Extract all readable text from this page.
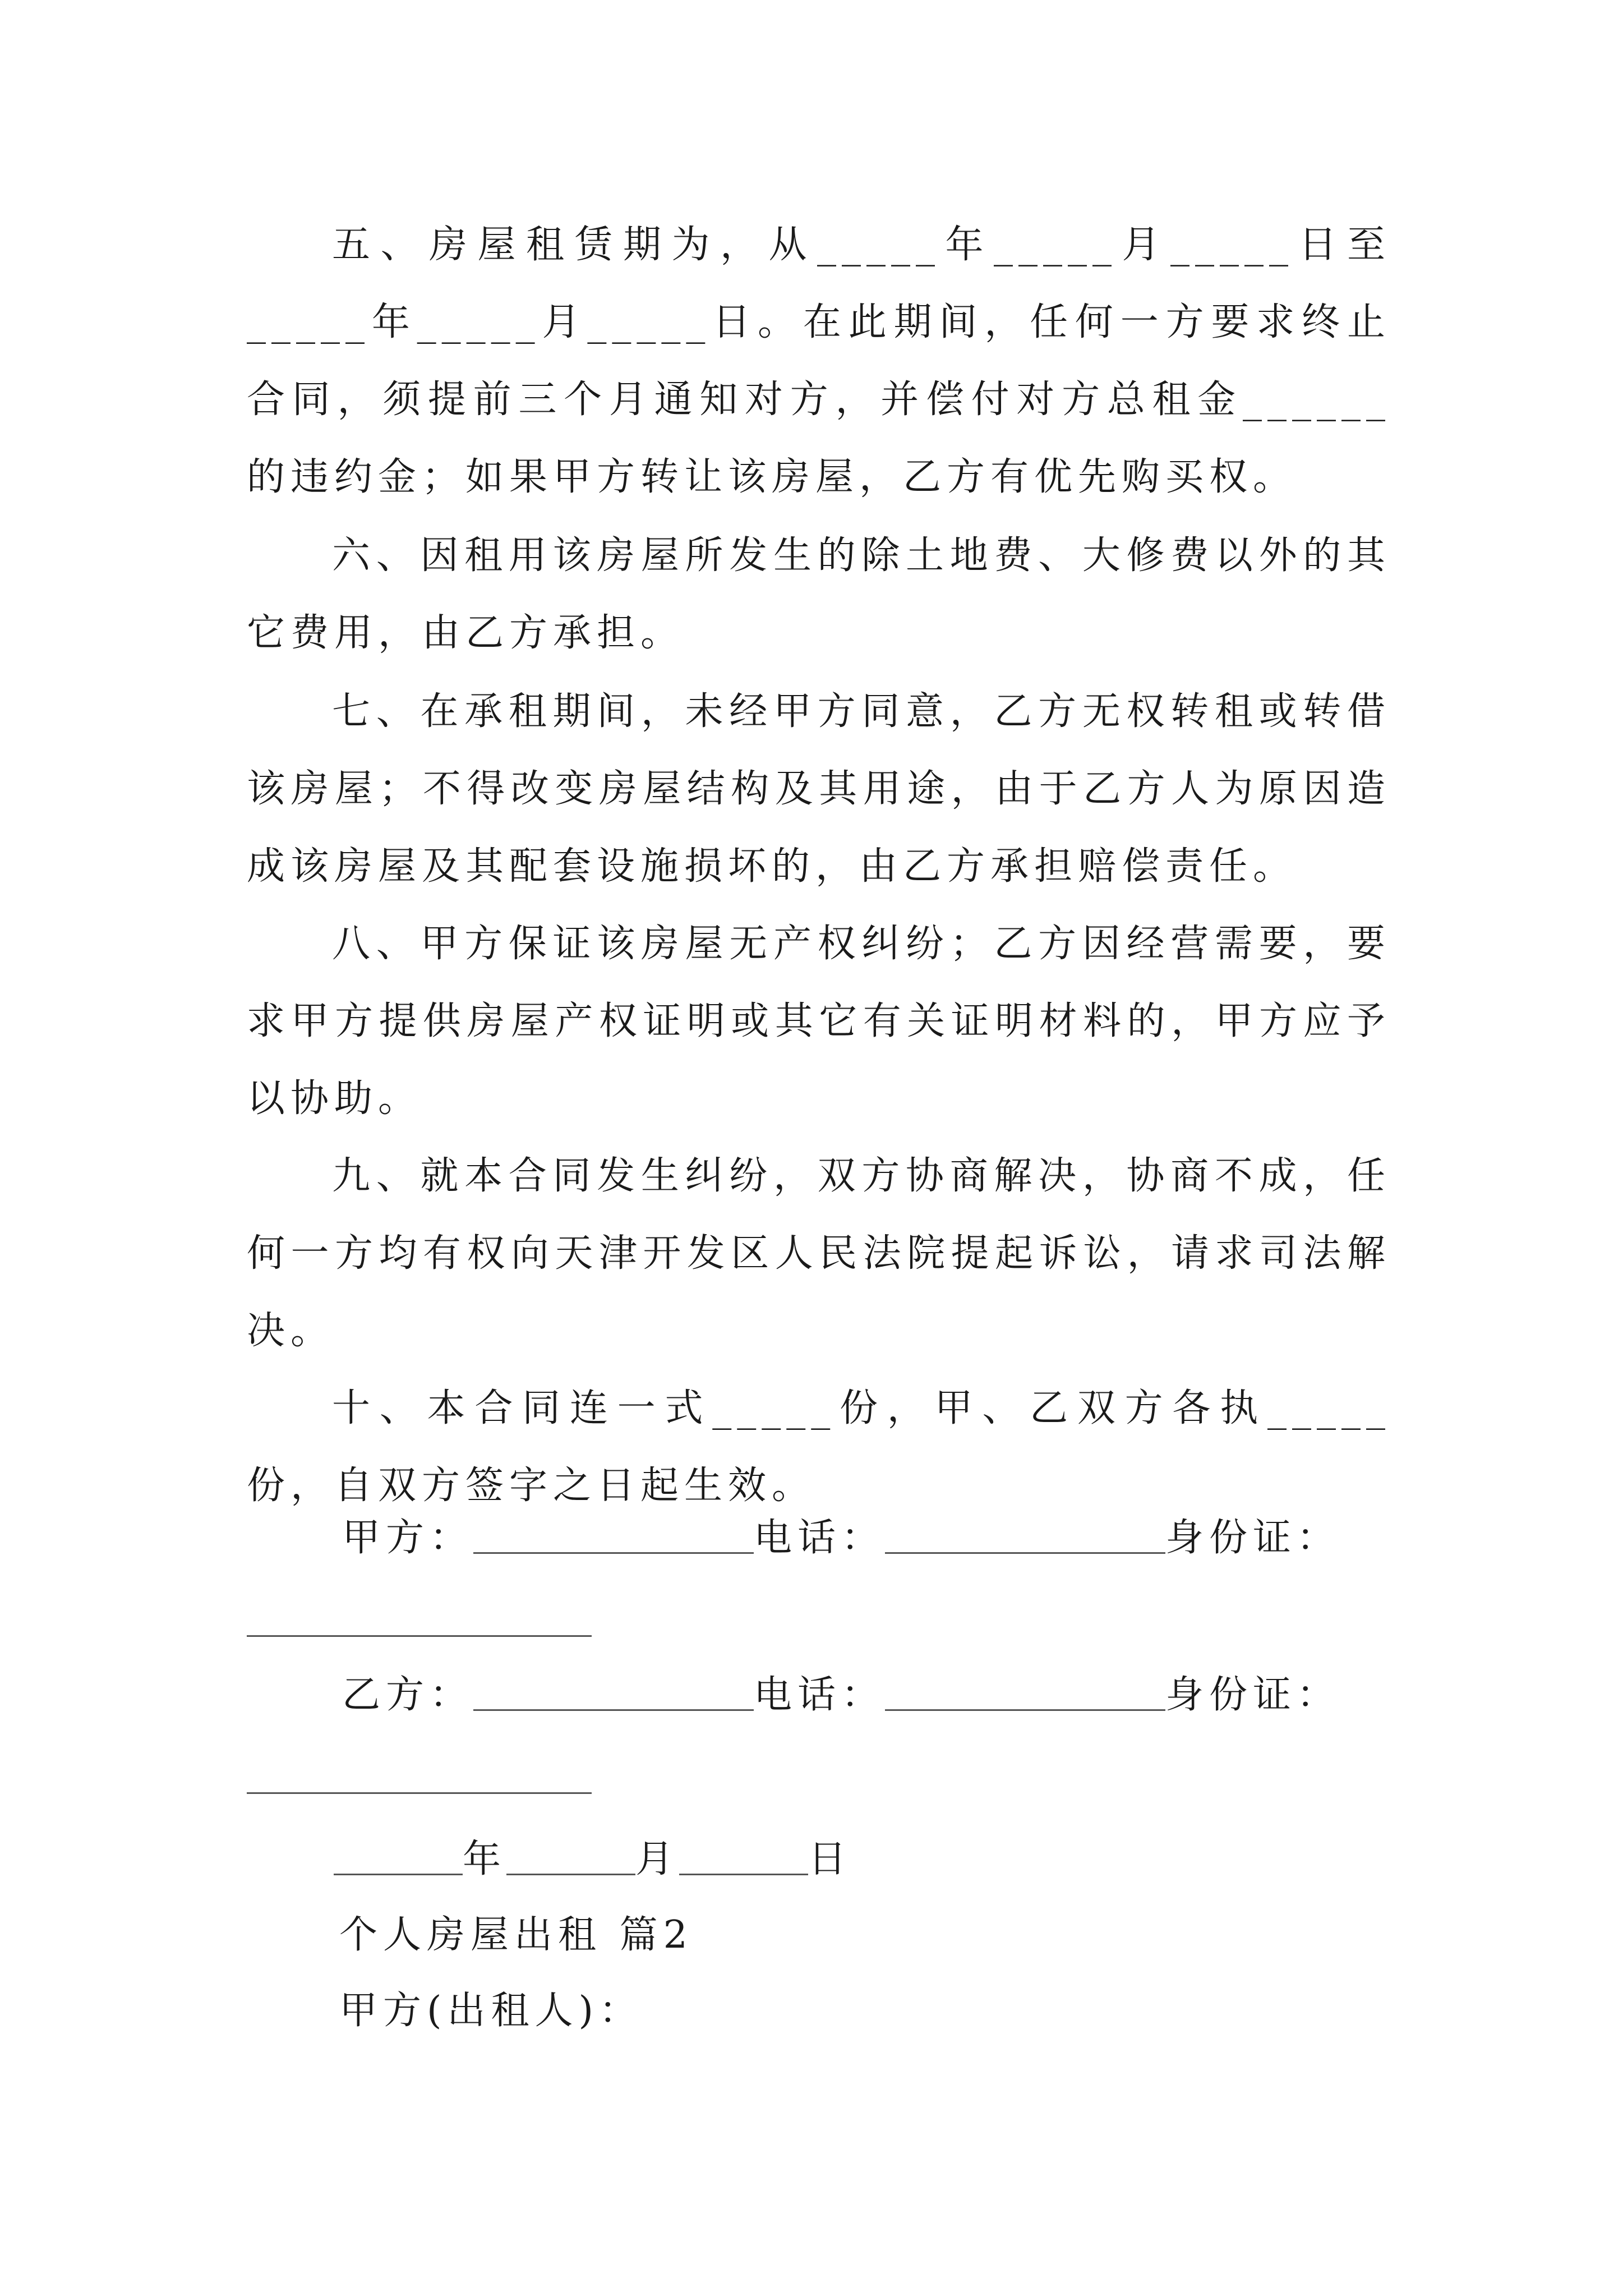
五、房屋租赁期为，从_____年_____月_____日至_____年_____月_____日。在此期间，任何一方要求终止合同，须提前三个月通知对方，并偿付对方总租金______的违约金；如果甲方转让该房屋，乙方有优先购买权。

六、因租用该房屋所发生的除土地费、大修费以外的其它费用，由乙方承担。

七、在承租期间，未经甲方同意，乙方无权转租或转借该房屋；不得改变房屋结构及其用途，由于乙方人为原因造成该房屋及其配套设施损坏的，由乙方承担赔偿责任。

八、甲方保证该房屋无产权纠纷；乙方因经营需要，要求甲方提供房屋产权证明或其它有关证明材料的，甲方应予以协助。

九、就本合同发生纠纷，双方协商解决，协商不成，任何一方均有权向天津开发区人民法院提起诉讼，请求司法解决。

十、本合同连一式_____份，甲、乙双方各执_____份，自双方签字之日起生效。

甲方：	电话：	身份证：
乙方：	电话：	身份证：
年	月	日
个人房屋出租 篇2
甲方(出租人)：
